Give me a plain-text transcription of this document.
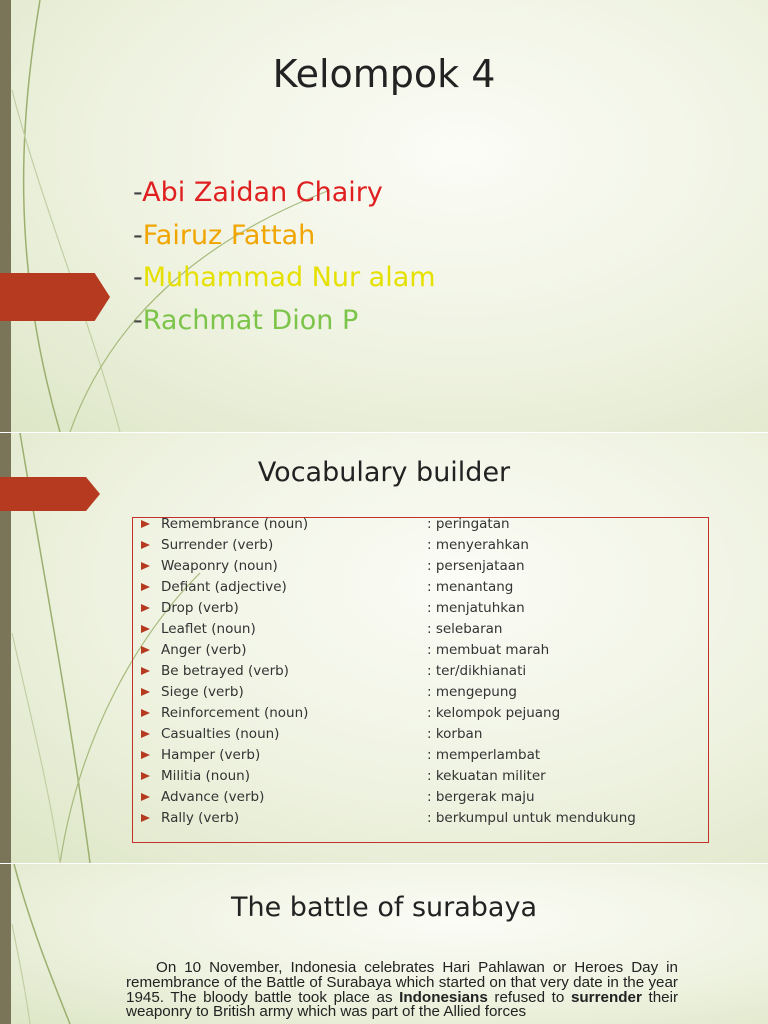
Kelompok 4
-Abi Zaidan Chairy
-Fairuz Fattah
-Muhammad Nur alam
-Rachmat Dion P
Vocabulary builder
Remembrance (noun)	: peringatan
Surrender (verb)	: menyerahkan
Weaponry (noun)	: persenjataan
Defiant (adjective)	: menantang
Drop (verb)	: menjatuhkan
Leaflet (noun)	: selebaran
Anger (verb)	: membuat marah
Be betrayed (verb)	: ter/dikhianati
Siege (verb)	: mengepung
Reinforcement (noun)	: kelompok pejuang
Casualties (noun)	: korban
Hamper (verb)	: memperlambat
Militia (noun)	: kekuatan militer
Advance (verb)	: bergerak maju
Rally (verb)	: berkumpul untuk mendukung
The battle of surabaya

On 10 November, Indonesia celebrates Hari Pahlawan or Heroes Day in remembrance of the Battle of Surabaya which started on that very date in the year 1945. The bloody battle took place as Indonesians refused to surrender their weaponry to British army which was part of the Allied forces
